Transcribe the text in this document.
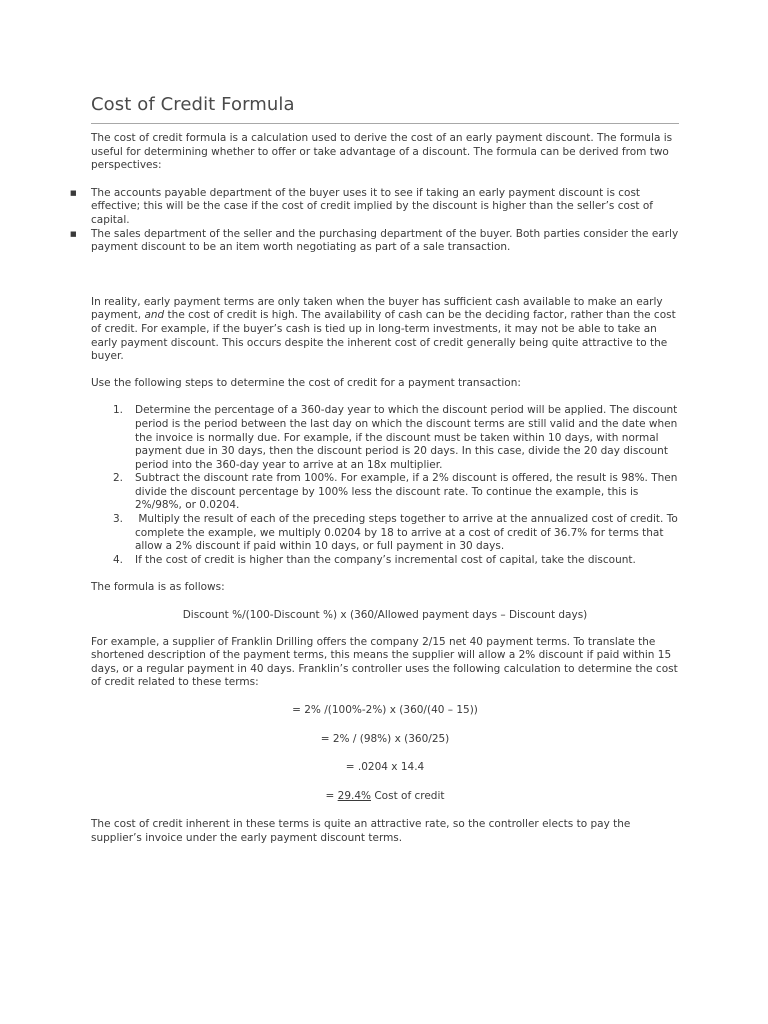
Cost of Credit Formula

The cost of credit formula is a calculation used to derive the cost of an early payment discount. The formula is useful for determining whether to offer or take advantage of a discount. The formula can be derived from two perspectives:

■ The accounts payable department of the buyer uses it to see if taking an early payment discount is cost effective; this will be the case if the cost of credit implied by the discount is higher than the seller’s cost of capital.
■ The sales department of the seller and the purchasing department of the buyer. Both parties consider the early payment discount to be an item worth negotiating as part of a sale transaction.

In reality, early payment terms are only taken when the buyer has sufficient cash available to make an early payment, and the cost of credit is high. The availability of cash can be the deciding factor, rather than the cost of credit. For example, if the buyer’s cash is tied up in long-term investments, it may not be able to take an early payment discount. This occurs despite the inherent cost of credit generally being quite attractive to the buyer.

Use the following steps to determine the cost of credit for a payment transaction:

1. Determine the percentage of a 360-day year to which the discount period will be applied. The discount period is the period between the last day on which the discount terms are still valid and the date when the invoice is normally due. For example, if the discount must be taken within 10 days, with normal payment due in 30 days, then the discount period is 20 days. In this case, divide the 20 day discount period into the 360-day year to arrive at an 18x multiplier.
2. Subtract the discount rate from 100%. For example, if a 2% discount is offered, the result is 98%. Then divide the discount percentage by 100% less the discount rate. To continue the example, this is 2%/98%, or 0.0204.
3. Multiply the result of each of the preceding steps together to arrive at the annualized cost of credit. To complete the example, we multiply 0.0204 by 18 to arrive at a cost of credit of 36.7% for terms that allow a 2% discount if paid within 10 days, or full payment in 30 days.
4. If the cost of credit is higher than the company’s incremental cost of capital, take the discount.

The formula is as follows:

Discount %/(100-Discount %) x (360/Allowed payment days – Discount days)

For example, a supplier of Franklin Drilling offers the company 2/15 net 40 payment terms. To translate the shortened description of the payment terms, this means the supplier will allow a 2% discount if paid within 15 days, or a regular payment in 40 days. Franklin’s controller uses the following calculation to determine the cost of credit related to these terms:

= 2% /(100%-2%) x (360/(40 – 15))

= 2% / (98%) x (360/25)

= .0204 x 14.4

= 29.4% Cost of credit

The cost of credit inherent in these terms is quite an attractive rate, so the controller elects to pay the supplier’s invoice under the early payment discount terms.
